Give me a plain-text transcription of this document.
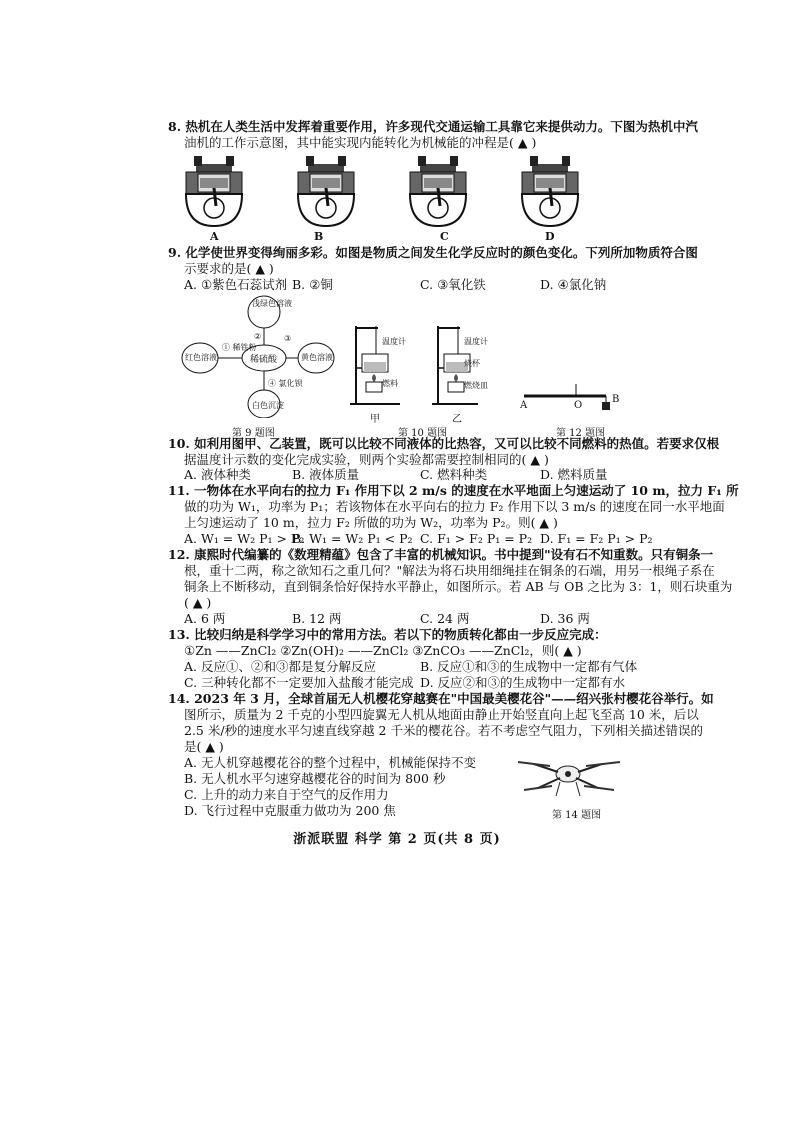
8. 热机在人类生活中发挥着重要作用，许多现代交通运输工具靠它来提供动力。下图为热机中汽
油机的工作示意图，其中能实现内能转化为机械能的冲程是( ▲ )
A	B	C	D
9. 化学使世界变得绚丽多彩。如图是物质之间发生化学反应时的颜色变化。下列所加物质符合图
示要求的是( ▲ )
A. ①紫色石蕊试剂 B. ②铜	C. ③氧化铁	D. ④氯化钠
浅绿色溶液
红色溶液	黄色溶液
白色沉淀
稀硫酸
① 稀铁粉
④ 氯化钡
②	③
第 9 题图
温度计
燃料
温度计
烧杯
燃烧皿
甲	乙
第 10 题图
A	O
B
第 12 题图
10. 如利用图甲、乙装置，既可以比较不同液体的比热容，又可以比较不同燃料的热值。若要求仅根
据温度计示数的变化完成实验，则两个实验都需要控制相同的( ▲ )
A. 液体种类	B. 液体质量	C. 燃料种类	D. 燃料质量
11. 一物体在水平向右的拉力 F₁ 作用下以 2 m/s 的速度在水平地面上匀速运动了 10 m，拉力 F₁ 所
做的功为 W₁，功率为 P₁；若该物体在水平向右的拉力 F₂ 作用下以 3 m/s 的速度在同一水平地面
上匀速运动了 10 m，拉力 F₂ 所做的功为 W₂，功率为 P₂。则( ▲ )
A. W₁ = W₂ P₁ > P₂
B. W₁ = W₂ P₁ < P₂ C. F₁ > F₂ P₁ = P₂ D. F₁ = F₂ P₁ > P₂
12. 康熙时代编纂的《数理精蕴》包含了丰富的机械知识。书中提到"设有石不知重数。只有铜条一
根，重十二两，称之欲知石之重几何？"解法为将石块用细绳挂在铜条的石端，用另一根绳子系在
铜条上不断移动，直到铜条恰好保持水平静止，如图所示。若 AB 与 OB 之比为 3：1，则石块重为
( ▲ )
A. 6 两	B. 12 两	C. 24 两	D. 36 两
13. 比较归纳是科学学习中的常用方法。若以下的物质转化都由一步反应完成：
①Zn ——ZnCl₂ ②Zn(OH)₂ ——ZnCl₂ ③ZnCO₃ ——ZnCl₂，则( ▲ )
A. 反应①、②和③都是复分解反应	B. 反应①和③的生成物中一定都有气体
C. 三种转化都不一定要加入盐酸才能完成 D. 反应②和③的生成物中一定都有水
14. 2023 年 3 月，全球首届无人机樱花穿越赛在"中国最美樱花谷"——绍兴张村樱花谷举行。如
图所示，质量为 2 千克的小型四旋翼无人机从地面由静止开始竖直向上起飞至高 10 米，后以
2.5 米/秒的速度水平匀速直线穿越 2 千米的樱花谷。若不考虑空气阻力，下列相关描述错误的
是( ▲ )
A. 无人机穿越樱花谷的整个过程中，机械能保持不变
B. 无人机水平匀速穿越樱花谷的时间为 800 秒
C. 上升的动力来自于空气的反作用力
D. 飞行过程中克服重力做功为 200 焦	第 14 题图
浙派联盟 科学 第 2 页(共 8 页)
